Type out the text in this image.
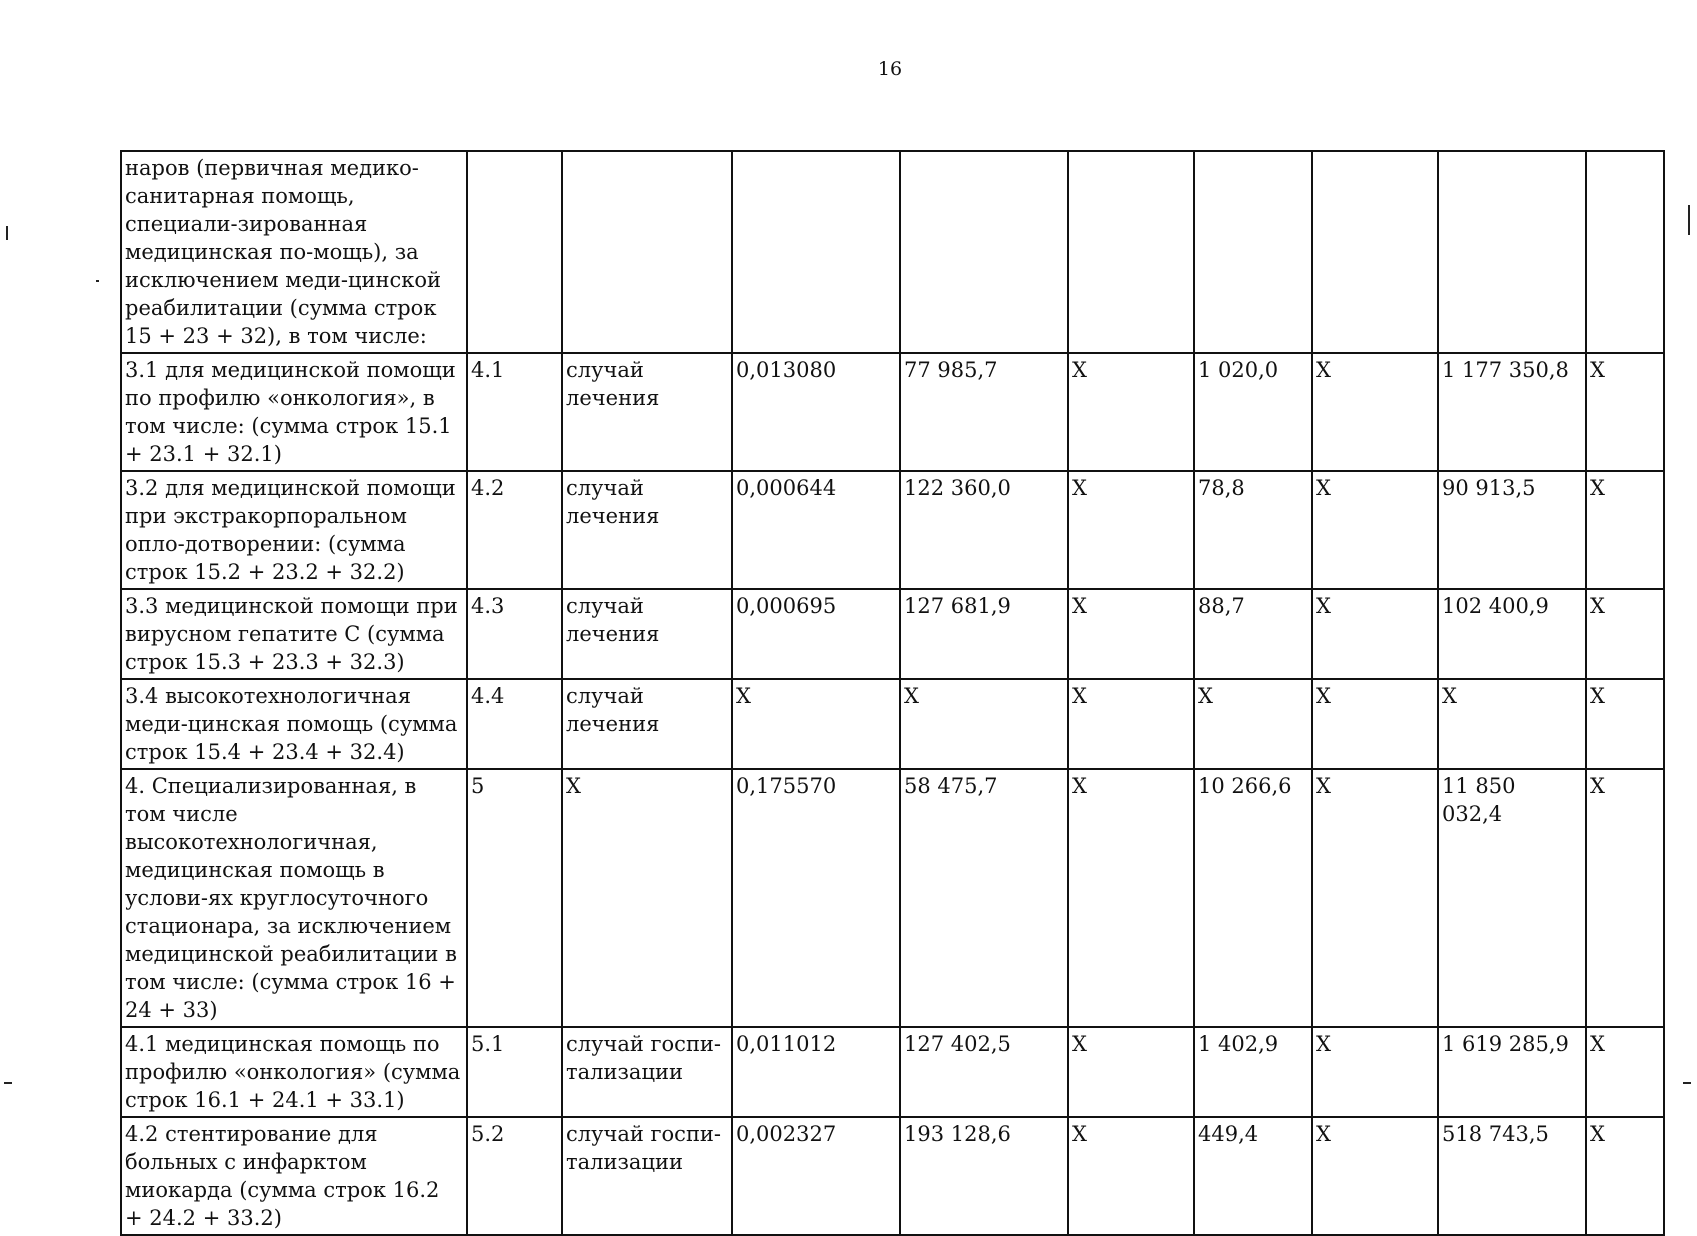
16
наров (первичная медико-санитарная помощь, специали-зированная медицинская по-мощь), за исключением меди-цинской реабилитации (сумма строк 15 + 23 + 32), в том числе:									
3.1 для медицинской помощи по профилю «онкология», в том числе: (сумма строк 15.1 + 23.1 + 32.1)	4.1	случай лечения	0,013080	77 985,7	X	1 020,0	X	1 177 350,8	X
3.2 для медицинской помощи при экстракорпоральном опло-дотворении: (сумма строк 15.2 + 23.2 + 32.2)	4.2	случай лечения	0,000644	122 360,0	X	78,8	X	90 913,5	X
3.3 медицинской помощи при вирусном гепатите С (сумма строк 15.3 + 23.3 + 32.3)	4.3	случай лечения	0,000695	127 681,9	X	88,7	X	102 400,9	X
3.4 высокотехнологичная меди-цинская помощь (сумма строк 15.4 + 23.4 + 32.4)	4.4	случай лечения	X	X	X	X	X	X	X
4. Специализированная, в том числе высокотехнологичная, медицинская помощь в услови-ях круглосуточного стационара, за исключением медицинской реабилитации в том числе: (сумма строк 16 + 24 + 33)	5	X	0,175570	58 475,7	X	10 266,6	X	11 850 032,4	X
4.1 медицинская помощь по профилю «онкология» (сумма строк 16.1 + 24.1 + 33.1)	5.1	случай госпи-тализации	0,011012	127 402,5	X	1 402,9	X	1 619 285,9	X
4.2 стентирование для больных с инфарктом миокарда (сумма строк 16.2 + 24.2 + 33.2)	5.2	случай госпи-тализации	0,002327	193 128,6	X	449,4	X	518 743,5	X
